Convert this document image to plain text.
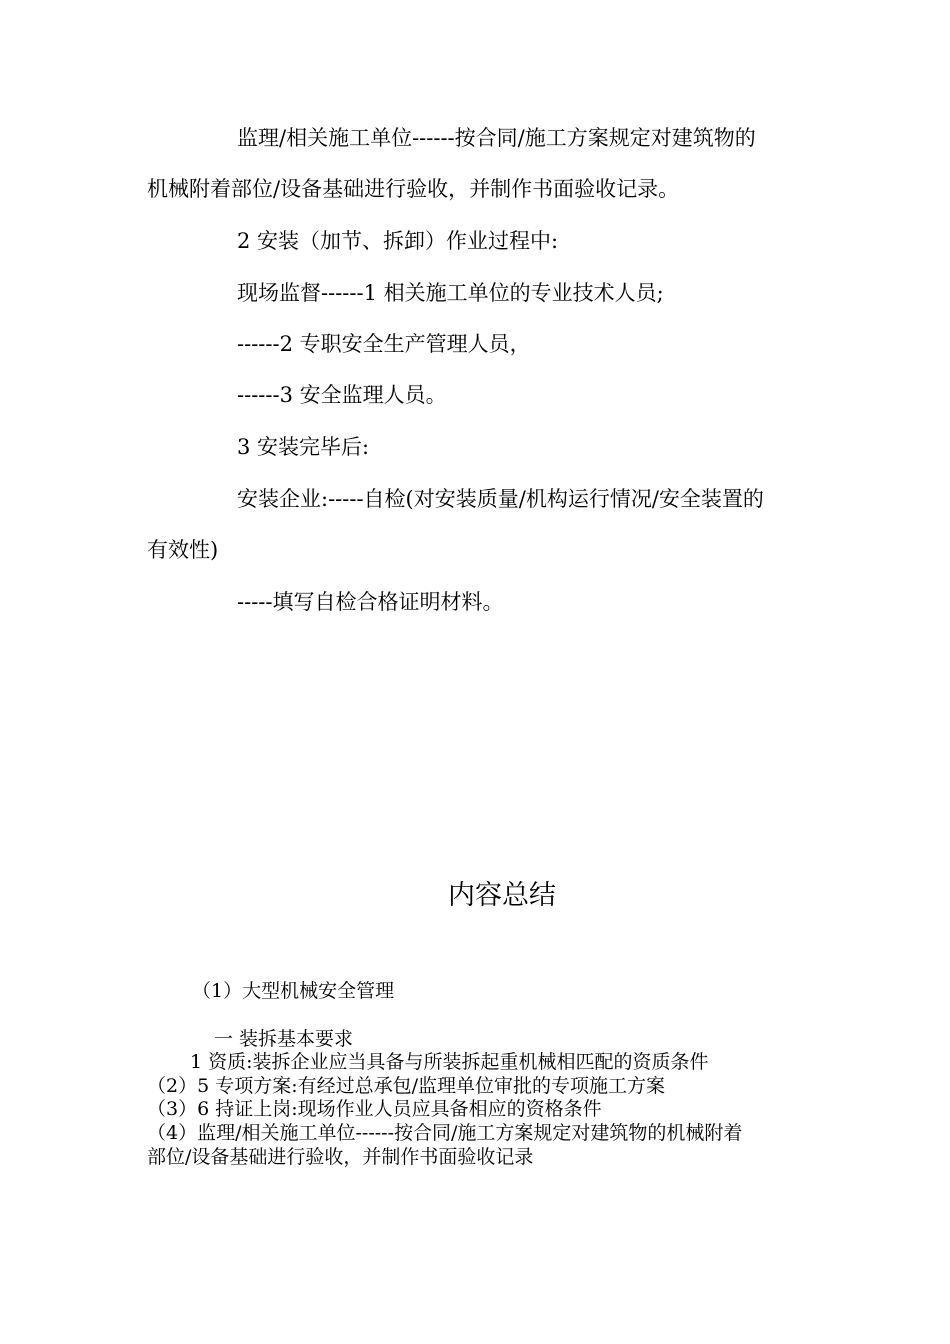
监理/相关施工单位------按合同/施工方案规定对建筑物的
机械附着部位/设备基础进行验收，并制作书面验收记录。
2 安装（加节、拆卸）作业过程中:
现场监督------1 相关施工单位的专业技术人员;
------2 专职安全生产管理人员，
------3 安全监理人员。
3 安装完毕后:
安装企业:-----自检(对安装质量/机构运行情况/安全装置的
有效性)
-----填写自检合格证明材料。
内容总结
（1）大型机械安全管理
一 装拆基本要求
1 资质:装拆企业应当具备与所装拆起重机械相匹配的资质条件
（2）5 专项方案:有经过总承包/监理单位审批的专项施工方案
（3）6 持证上岗:现场作业人员应具备相应的资格条件
（4）监理/相关施工单位------按合同/施工方案规定对建筑物的机械附着
部位/设备基础进行验收，并制作书面验收记录
